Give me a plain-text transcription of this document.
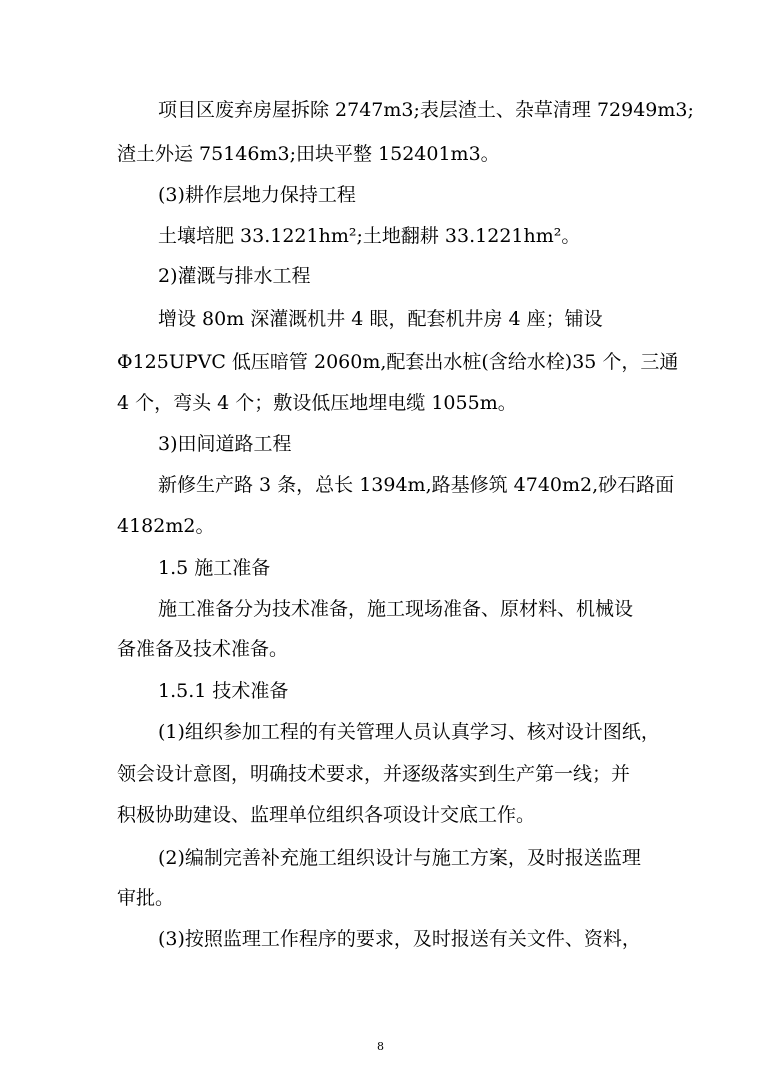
项目区废弃房屋拆除 2747m3;表层渣土、杂草清理 72949m3;
渣土外运 75146m3;田块平整 152401m3。
(3)耕作层地力保持工程
土壤培肥 33.1221hm²;土地翻耕 33.1221hm²。
2)灌溉与排水工程
增设 80m 深灌溉机井 4 眼，配套机井房 4 座；铺设
Φ125UPVC 低压暗管 2060m,配套出水桩(含给水栓)35 个，三通
4 个，弯头 4 个；敷设低压地埋电缆 1055m。
3)田间道路工程
新修生产路 3 条，总长 1394m,路基修筑 4740m2,砂石路面
4182m2。
1.5 施工准备
施工准备分为技术准备，施工现场准备、原材料、机械设
备准备及技术准备。
1.5.1 技术准备
(1)组织参加工程的有关管理人员认真学习、核对设计图纸，
领会设计意图，明确技术要求，并逐级落实到生产第一线；并
积极协助建设、监理单位组织各项设计交底工作。
(2)编制完善补充施工组织设计与施工方案，及时报送监理
审批。
(3)按照监理工作程序的要求，及时报送有关文件、资料，
8
